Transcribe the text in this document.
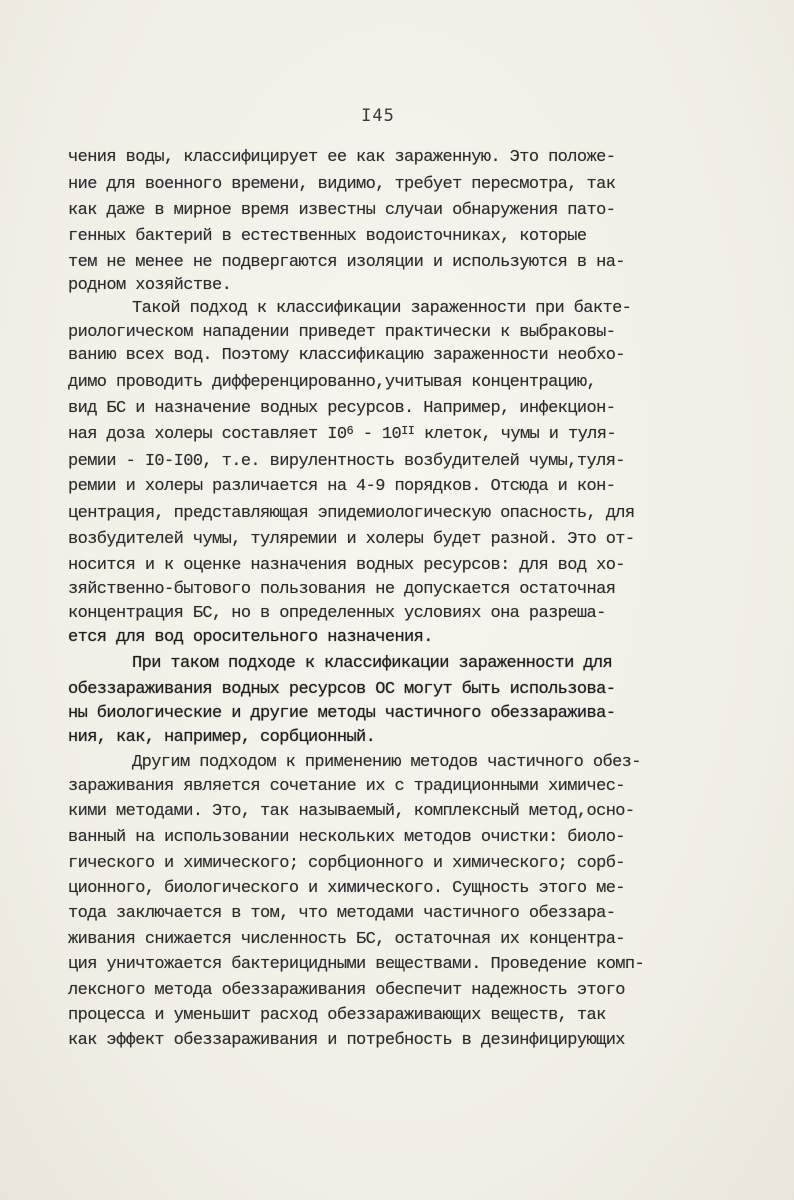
I45
чения воды, классифицирует ее как зараженную. Это положе-
ние для военного времени, видимо, требует пересмотра, так
как даже в мирное время известны случаи обнаружения пато-
генных бактерий в естественных водоисточниках, которые
тем не менее не подвергаются изоляции и используются в на-
родном хозяйстве.
Такой подход к классификации зараженности при бакте-
риологическом нападении приведет практически к выбраковы-
ванию всех вод. Поэтому классификацию зараженности необхо-
димо проводить дифференцированно,учитывая концентрацию,
вид БС и назначение водных ресурсов. Например, инфекцион-
ная доза холеры составляет $I0^6 - 10^{II}$ клеток, чумы и туля-
ремии - I0-I00, т.е. вирулентность возбудителей чумы,туля-
ремии и холеры различается на 4-9 порядков. Отсюда и кон-
центрация, представляющая эпидемиологическую опасность, для
возбудителей чумы, туляремии и холеры будет разной. Это от-
носится и к оценке назначения водных ресурсов: для вод хо-
зяйственно-бытового пользования не допускается остаточная
концентрация БС, но в определенных условиях она разреша-
ется для вод оросительного назначения.
При таком подходе к классификации зараженности для
обеззараживания водных ресурсов ОС могут быть использова-
ны биологические и другие методы частичного обеззаражива-
ния, как, например, сорбционный.
Другим подходом к применению методов частичного обез-
зараживания является сочетание их с традиционными химичес-
кими методами. Это, так называемый, комплексный метод,осно-
ванный на использовании нескольких методов очистки: биоло-
гического и химического; сорбционного и химического; сорб-
ционного, биологического и химического. Сущность этого ме-
тода заключается в том, что методами частичного обеззара-
живания снижается численность БС, остаточная их концентра-
ция уничтожается бактерицидными веществами. Проведение комп-
лексного метода обеззараживания обеспечит надежность этого
процесса и уменьшит расход обеззараживающих веществ, так
как эффект обеззараживания и потребность в дезинфицирующих
